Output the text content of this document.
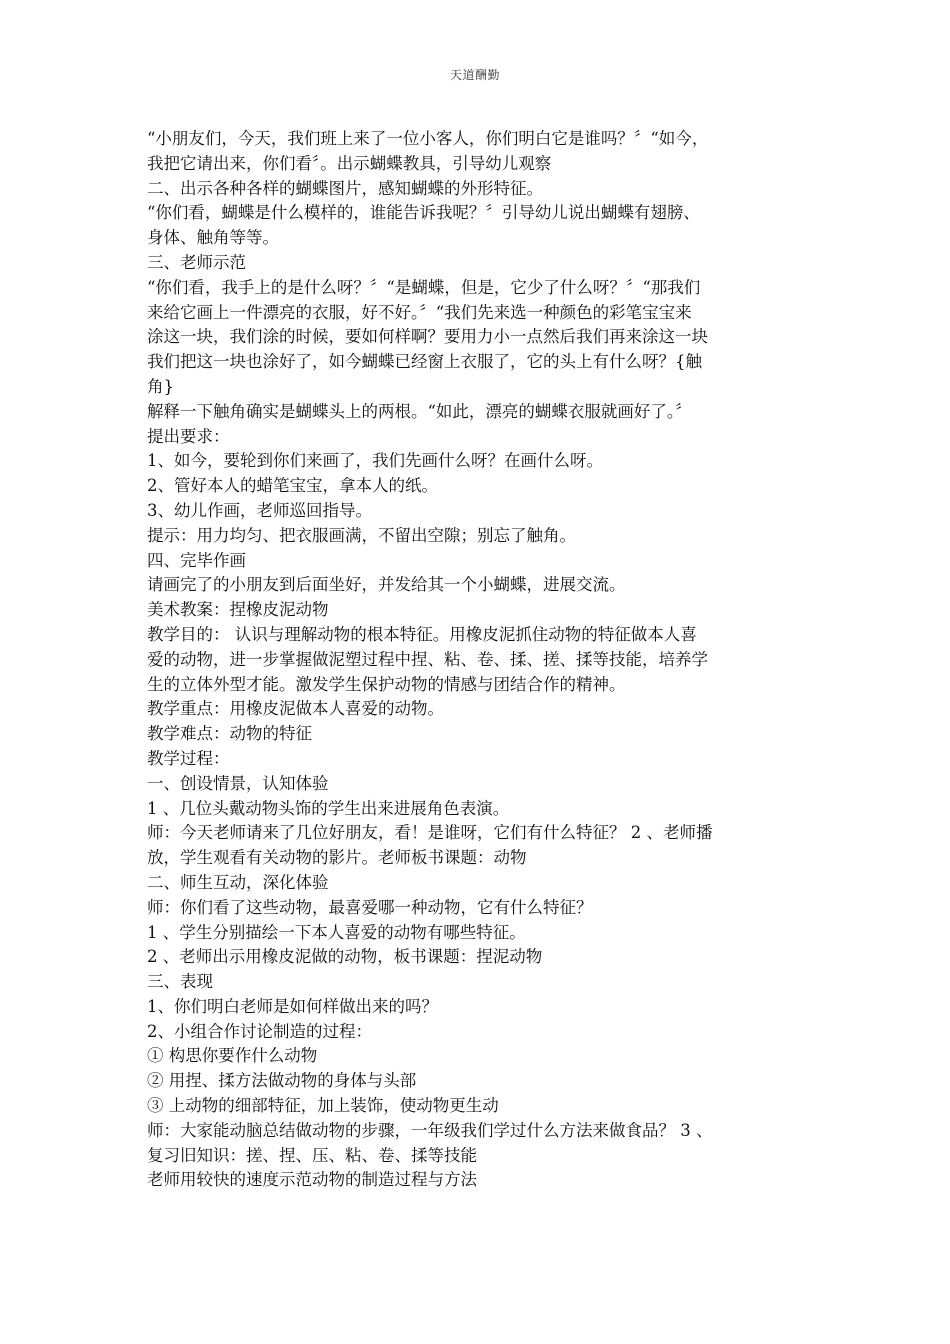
天道酬勤
“小朋友们，今天，我们班上来了一位小客人，你们明白它是谁吗？〞“如今，
我把它请出来，你们看〞。出示蝴蝶教具，引导幼儿观察
二、出示各种各样的蝴蝶图片，感知蝴蝶的外形特征。
“你们看，蝴蝶是什么模样的，谁能告诉我呢？〞引导幼儿说出蝴蝶有翅膀、
身体、触角等等。
三、老师示范
“你们看，我手上的是什么呀？〞“是蝴蝶，但是，它少了什么呀？〞“那我们
来给它画上一件漂亮的衣服，好不好。〞“我们先来选一种颜色的彩笔宝宝来
涂这一块，我们涂的时候，要如何样啊？要用力小一点然后我们再来涂这一块
我们把这一块也涂好了，如今蝴蝶已经窗上衣服了，它的头上有什么呀？{触
角}
解释一下触角确实是蝴蝶头上的两根。“如此，漂亮的蝴蝶衣服就画好了。〞
提出要求：
1、如今，要轮到你们来画了，我们先画什么呀？在画什么呀。
2、管好本人的蜡笔宝宝，拿本人的纸。
3、幼儿作画，老师巡回指导。
提示：用力均匀、把衣服画满，不留出空隙；别忘了触角。
四、完毕作画
请画完了的小朋友到后面坐好，并发给其一个小蝴蝶，进展交流。
美术教案：捏橡皮泥动物
教学目的： 认识与理解动物的根本特征。用橡皮泥抓住动物的特征做本人喜
爱的动物，进一步掌握做泥塑过程中捏、粘、卷、揉、搓、揉等技能，培养学
生的立体外型才能。激发学生保护动物的情感与团结合作的精神。
教学重点：用橡皮泥做本人喜爱的动物。
教学难点：动物的特征
教学过程：
一、创设情景，认知体验
1 、几位头戴动物头饰的学生出来进展角色表演。
师：今天老师请来了几位好朋友，看！是谁呀，它们有什么特征？ 2 、老师播
放，学生观看有关动物的影片。老师板书课题：动物
二、师生互动，深化体验
师：你们看了这些动物，最喜爱哪一种动物，它有什么特征？
1 、学生分别描绘一下本人喜爱的动物有哪些特征。
2 、老师出示用橡皮泥做的动物，板书课题：捏泥动物
三、表现
1、你们明白老师是如何样做出来的吗？
2、小组合作讨论制造的过程：
① 构思你要作什么动物
② 用捏、揉方法做动物的身体与头部
③ 上动物的细部特征，加上装饰，使动物更生动
师：大家能动脑总结做动物的步骤，一年级我们学过什么方法来做食品？ 3 、
复习旧知识：搓、捏、压、粘、卷、揉等技能
老师用较快的速度示范动物的制造过程与方法
